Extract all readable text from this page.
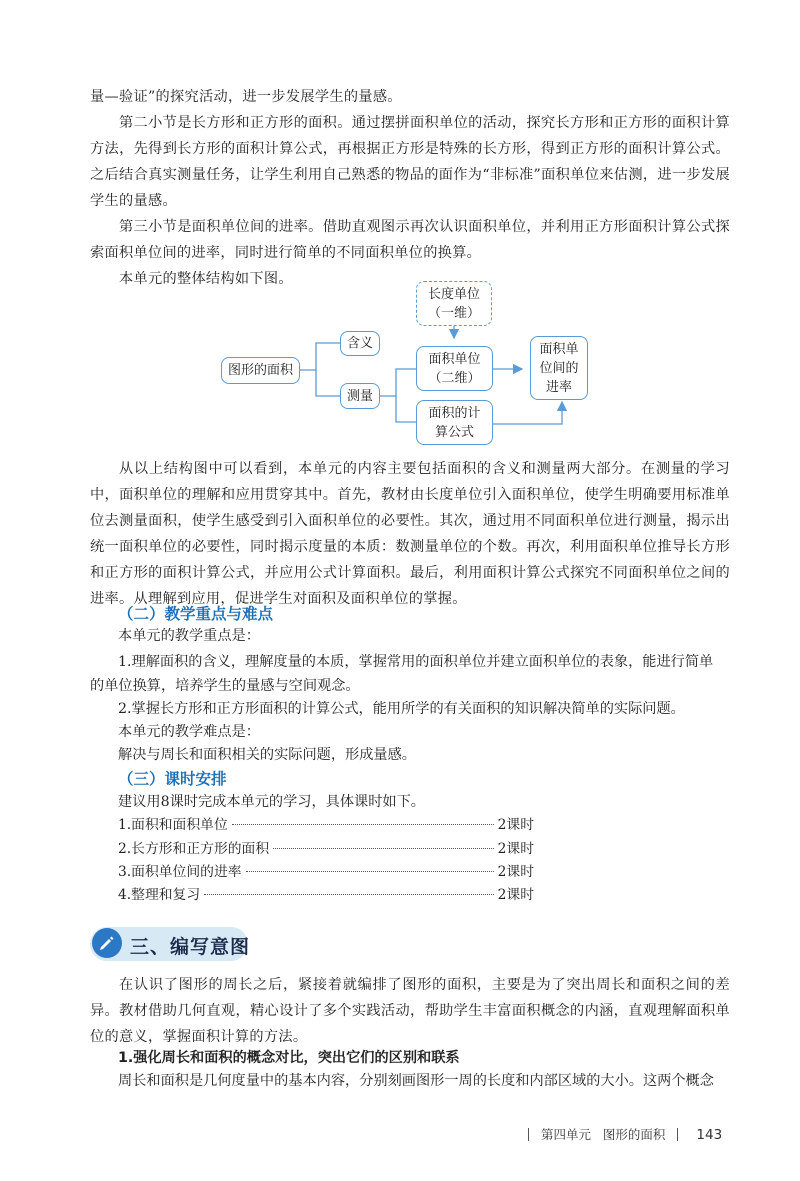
量—验证”的探究活动，进一步发展学生的量感。

第二小节是长方形和正方形的面积。通过摆拼面积单位的活动，探究长方形和正方形的面积计算方法，先得到长方形的面积计算公式，再根据正方形是特殊的长方形，得到正方形的面积计算公式。之后结合真实测量任务，让学生利用自己熟悉的物品的面作为“非标准”面积单位来估测，进一步发展学生的量感。

第三小节是面积单位间的进率。借助直观图示再次认识面积单位，并利用正方形面积计算公式探索面积单位间的进率，同时进行简单的不同面积单位的换算。

本单元的整体结构如下图。

图形的面积
含义
测量
长度单位
（一维）
面积单位
（二维）
面积的计
算公式
面积单
位间的
进率

从以上结构图中可以看到，本单元的内容主要包括面积的含义和测量两大部分。在测量的学习中，面积单位的理解和应用贯穿其中。首先，教材由长度单位引入面积单位，使学生明确要用标准单位去测量面积，使学生感受到引入面积单位的必要性。其次，通过用不同面积单位进行测量，揭示出统一面积单位的必要性，同时揭示度量的本质：数测量单位的个数。再次，利用面积单位推导长方形和正方形的面积计算公式，并应用公式计算面积。最后，利用面积计算公式探究不同面积单位之间的进率。从理解到应用，促进学生对面积及面积单位的掌握。

（二）教学重点与难点

本单元的教学重点是：

1.理解面积的含义，理解度量的本质，掌握常用的面积单位并建立面积单位的表象，能进行简单

的单位换算，培养学生的量感与空间观念。

2.掌握长方形和正方形面积的计算公式，能用所学的有关面积的知识解决简单的实际问题。

本单元的教学难点是：

解决与周长和面积相关的实际问题，形成量感。

（三）课时安排

建议用8课时完成本单元的学习，具体课时如下。

1.面积和面积单位	2课时
2.长方形和正方形的面积	2课时
3.面积单位间的进率	2课时
4.整理和复习	2课时
三、编写意图

在认识了图形的周长之后，紧接着就编排了图形的面积，主要是为了突出周长和面积之间的差异。教材借助几何直观，精心设计了多个实践活动，帮助学生丰富面积概念的内涵，直观理解面积单位的意义，掌握面积计算的方法。

1.强化周长和面积的概念对比，突出它们的区别和联系

周长和面积是几何度量中的基本内容，分别刻画图形一周的长度和内部区域的大小。这两个概念

第四单元 图形的面积 143
